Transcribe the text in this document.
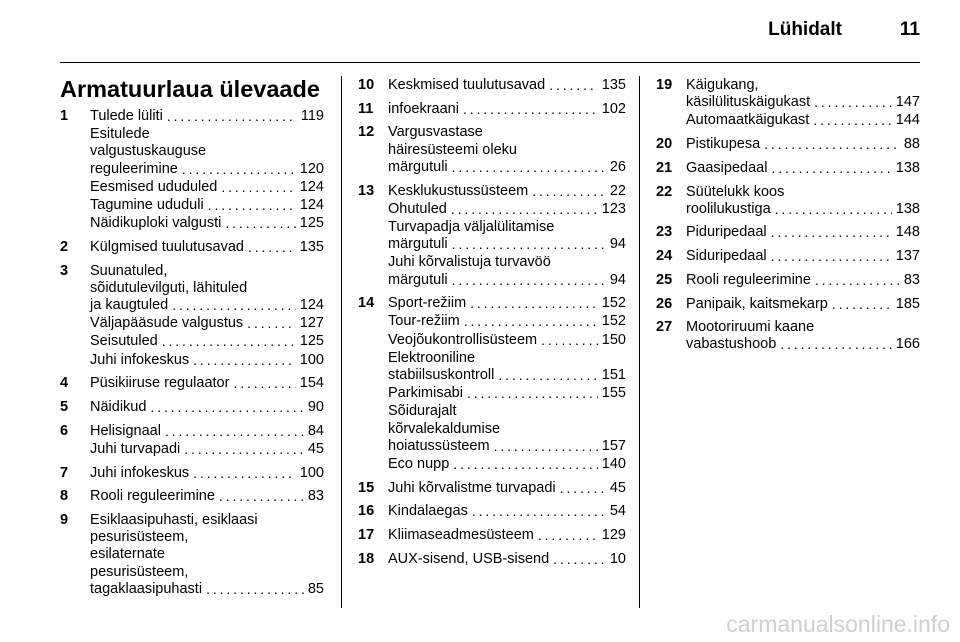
Lühidalt	11
Armatuurlaua ülevaade
1 Tulede lüliti . . .	119
Esitulede
valgustuskauguse
reguleerimine . . .	120
Eesmised ududuled . . .	124
Tagumine ududuli . . .	124
Näidikuploki valgusti . . .	125
2 Külgmised tuulutusavad . . .	135
3 Suunatuled,
sõidutulevilguti, lähituled
ja kaugtuled . . .	124
Väljapääsude valgustus . . .	127
Seisutuled . . .	125
Juhi infokeskus . . .	100
4 Püsikiiruse regulaator . . .	154
5 Näidikud . . .	90
6 Helisignaal . . .	84
Juhi turvapadi . . .	45
7 Juhi infokeskus . . .	100
8 Rooli reguleerimine . . .	83
9 Esiklaasipuhasti, esiklaasi
pesurisüsteem,
esilaternate
pesurisüsteem,
tagaklaasipuhasti . . .	85
10 Keskmised tuulutusavad . . .	135
11 infoekraani . . .	102
12 Vargusvastase
häiresüsteemi oleku
märgutuli . . .	26
13 Kesklukustussüsteem . . .	22
Ohutuled . . .	123
Turvapadja väljalülitamise
märgutuli . . .	94
Juhi kõrvalistuja turvavöö
märgutuli . . .	94
14 Sport-režiim . . .	152
Tour-režiim . . .	152
Veojõukontrollisüsteem . . .	150
Elektrooniline
stabiilsuskontroll . . .	151
Parkimisabi . . .	155
Sõidurajalt
kõrvalekaldumise
hoiatussüsteem . . .	157
Eco nupp . . .	140
15 Juhi kõrvalistme turvapadi . . .	45
16 Kindalaegas . . .	54
17 Kliimaseadmesüsteem . . .	129
18 AUX-sisend, USB-sisend . . .	10
19 Käigukang,
käsilülituskäigukast . . .	147
Automaatkäigukast . . .	144
20 Pistikupesa . . .	88
21 Gaasipedaal . . .	138
22 Süütelukk koos
roolilukustiga . . .	138
23 Piduripedaal . . .	148
24 Siduripedaal . . .	137
25 Rooli reguleerimine . . .	83
26 Panipaik, kaitsmekarp . . .	185
27 Mootoriruumi kaane
vabastushoob . . .	166
carmanualsonline.info
